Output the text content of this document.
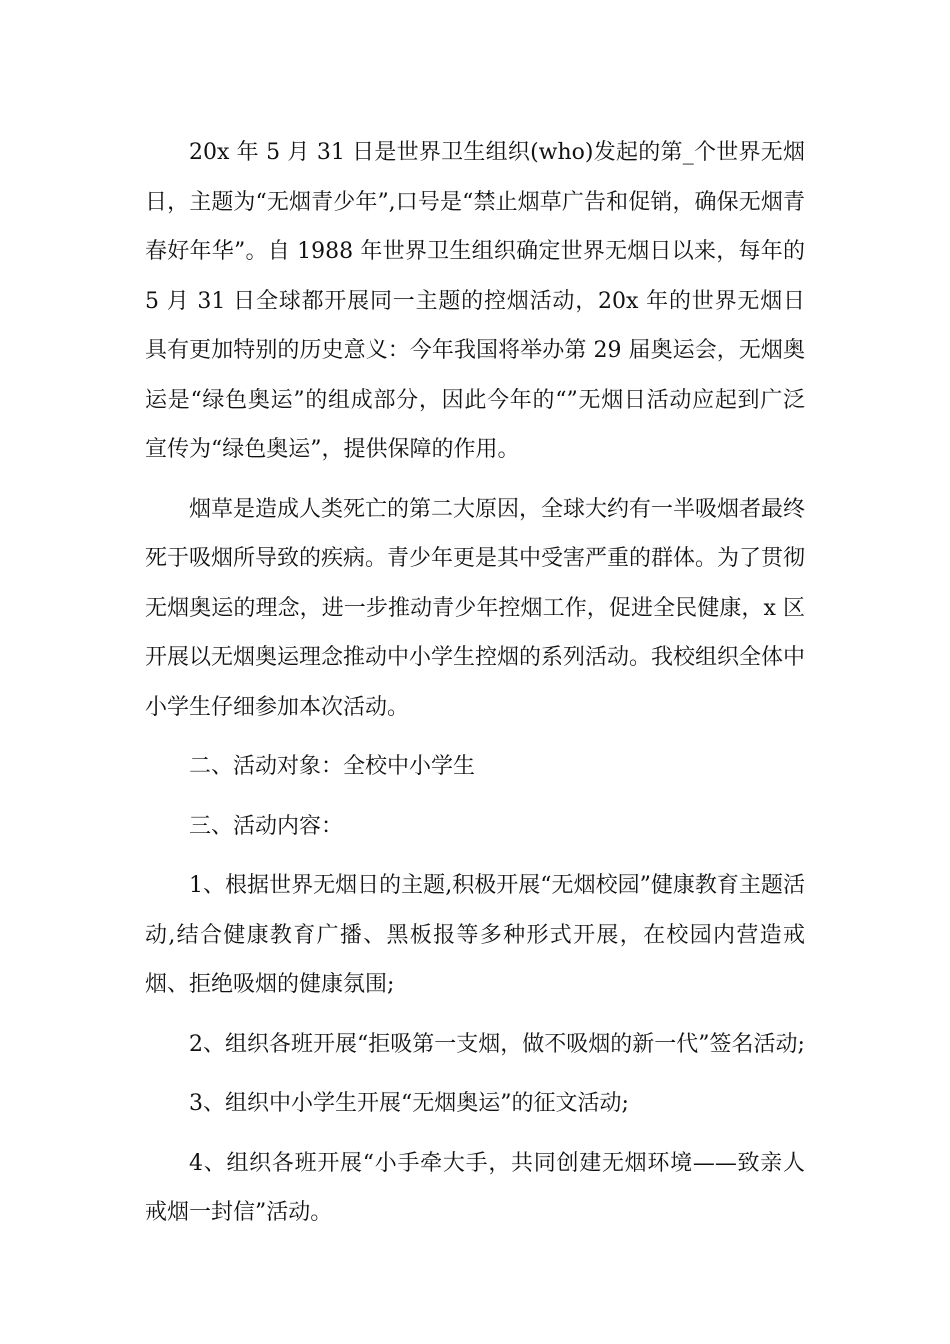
20x 年 5 月 31 日是世界卫生组织(who)发起的第_个世界无烟日，主题为“无烟青少年”,口号是“禁止烟草广告和促销，确保无烟青春好年华”。自 1988 年世界卫生组织确定世界无烟日以来，每年的 5 月 31 日全球都开展同一主题的控烟活动，20x 年的世界无烟日具有更加特别的历史意义：今年我国将举办第 29 届奥运会，无烟奥运是“绿色奥运”的组成部分，因此今年的“”无烟日活动应起到广泛宣传为“绿色奥运”，提供保障的作用。

烟草是造成人类死亡的第二大原因，全球大约有一半吸烟者最终死于吸烟所导致的疾病。青少年更是其中受害严重的群体。为了贯彻无烟奥运的理念，进一步推动青少年控烟工作，促进全民健康，x 区开展以无烟奥运理念推动中小学生控烟的系列活动。我校组织全体中小学生仔细参加本次活动。

二、活动对象：全校中小学生

三、活动内容：

1、根据世界无烟日的主题,积极开展“无烟校园”健康教育主题活动,结合健康教育广播、黑板报等多种形式开展，在校园内营造戒烟、拒绝吸烟的健康氛围;

2、组织各班开展“拒吸第一支烟，做不吸烟的新一代”签名活动;

3、组织中小学生开展“无烟奥运”的征文活动;

4、组织各班开展“小手牵大手，共同创建无烟环境——致亲人戒烟一封信”活动。
